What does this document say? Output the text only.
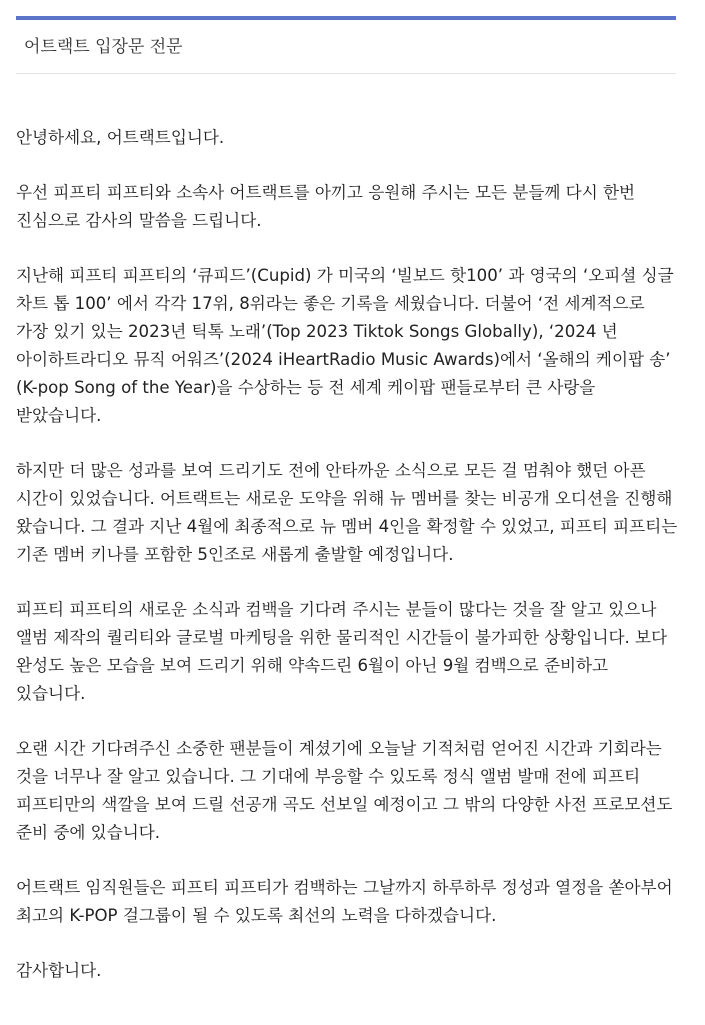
어트랙트 입장문 전문

안녕하세요, 어트랙트입니다.

우선 피프티 피프티와 소속사 어트랙트를 아끼고 응원해 주시는 모든 분들께 다시 한번 진심으로 감사의 말씀을 드립니다.

지난해 피프티 피프티의 ‘큐피드’(Cupid) 가 미국의 ‘빌보드 핫100’ 과 영국의 ‘오피셜 싱글 차트 톱 100’ 에서 각각 17위, 8위라는 좋은 기록을 세웠습니다. 더불어 ‘전 세계적으로 가장 있기 있는 2023년 틱톡 노래’(Top 2023 Tiktok Songs Globally), ‘2024 년 아이하트라디오 뮤직 어워즈’(2024 iHeartRadio Music Awards)에서 ‘올해의 케이팝 송’ (K-pop Song of the Year)을 수상하는 등 전 세계 케이팝 팬들로부터 큰 사랑을 받았습니다.

하지만 더 많은 성과를 보여 드리기도 전에 안타까운 소식으로 모든 걸 멈춰야 했던 아픈 시간이 있었습니다. 어트랙트는 새로운 도약을 위해 뉴 멤버를 찾는 비공개 오디션을 진행해 왔습니다. 그 결과 지난 4월에 최종적으로 뉴 멤버 4인을 확정할 수 있었고, 피프티 피프티는 기존 멤버 키나를 포함한 5인조로 새롭게 출발할 예정입니다.

피프티 피프티의 새로운 소식과 컴백을 기다려 주시는 분들이 많다는 것을 잘 알고 있으나 앨범 제작의 퀄리티와 글로벌 마케팅을 위한 물리적인 시간들이 불가피한 상황입니다. 보다 완성도 높은 모습을 보여 드리기 위해 약속드린 6월이 아닌 9월 컴백으로 준비하고 있습니다.

오랜 시간 기다려주신 소중한 팬분들이 계셨기에 오늘날 기적처럼 얻어진 시간과 기회라는 것을 너무나 잘 알고 있습니다. 그 기대에 부응할 수 있도록 정식 앨범 발매 전에 피프티 피프티만의 색깔을 보여 드릴 선공개 곡도 선보일 예정이고 그 밖의 다양한 사전 프로모션도 준비 중에 있습니다.

어트랙트 임직원들은 피프티 피프티가 컴백하는 그날까지 하루하루 정성과 열정을 쏟아부어 최고의 K-POP 걸그룹이 될 수 있도록 최선의 노력을 다하겠습니다.

감사합니다.
